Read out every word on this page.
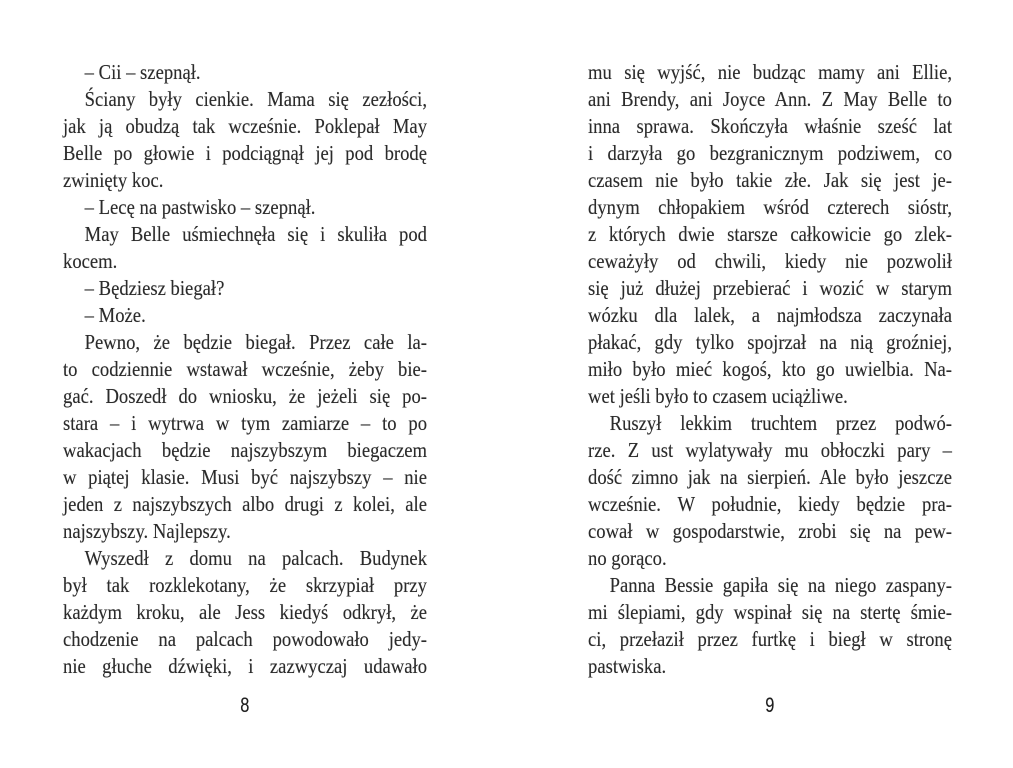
– Cii – szepnął.
Ściany były cienkie. Mama się zezłości,
jak ją obudzą tak wcześnie. Poklepał May
Belle po głowie i podciągnął jej pod brodę
zwinięty koc.
– Lecę na pastwisko – szepnął.
May Belle uśmiechnęła się i skuliła pod
kocem.
– Będziesz biegał?
– Może.
Pewno, że będzie biegał. Przez całe la-
to codziennie wstawał wcześnie, żeby bie-
gać. Doszedł do wniosku, że jeżeli się po-
stara – i wytrwa w tym zamiarze – to po
wakacjach będzie najszybszym biegaczem
w piątej klasie. Musi być najszybszy – nie
jeden z najszybszych albo drugi z kolei, ale
najszybszy. Najlepszy.
Wyszedł z domu na palcach. Budynek
był tak rozklekotany, że skrzypiał przy
każdym kroku, ale Jess kiedyś odkrył, że
chodzenie na palcach powodowało jedy-
nie głuche dźwięki, i zazwyczaj udawało
mu się wyjść, nie budząc mamy ani Ellie,
ani Brendy, ani Joyce Ann. Z May Belle to
inna sprawa. Skończyła właśnie sześć lat
i darzyła go bezgranicznym podziwem, co
czasem nie było takie złe. Jak się jest je-
dynym chłopakiem wśród czterech sióstr,
z których dwie starsze całkowicie go zlek-
ceważyły od chwili, kiedy nie pozwolił
się już dłużej przebierać i wozić w starym
wózku dla lalek, a najmłodsza zaczynała
płakać, gdy tylko spojrzał na nią groźniej,
miło było mieć kogoś, kto go uwielbia. Na-
wet jeśli było to czasem uciążliwe.
Ruszył lekkim truchtem przez podwó-
rze. Z ust wylatywały mu obłoczki pary –
dość zimno jak na sierpień. Ale było jeszcze
wcześnie. W południe, kiedy będzie pra-
cował w gospodarstwie, zrobi się na pew-
no gorąco.
Panna Bessie gapiła się na niego zaspany-
mi ślepiami, gdy wspinał się na stertę śmie-
ci, przełaził przez furtkę i biegł w stronę
pastwiska.
8	9
